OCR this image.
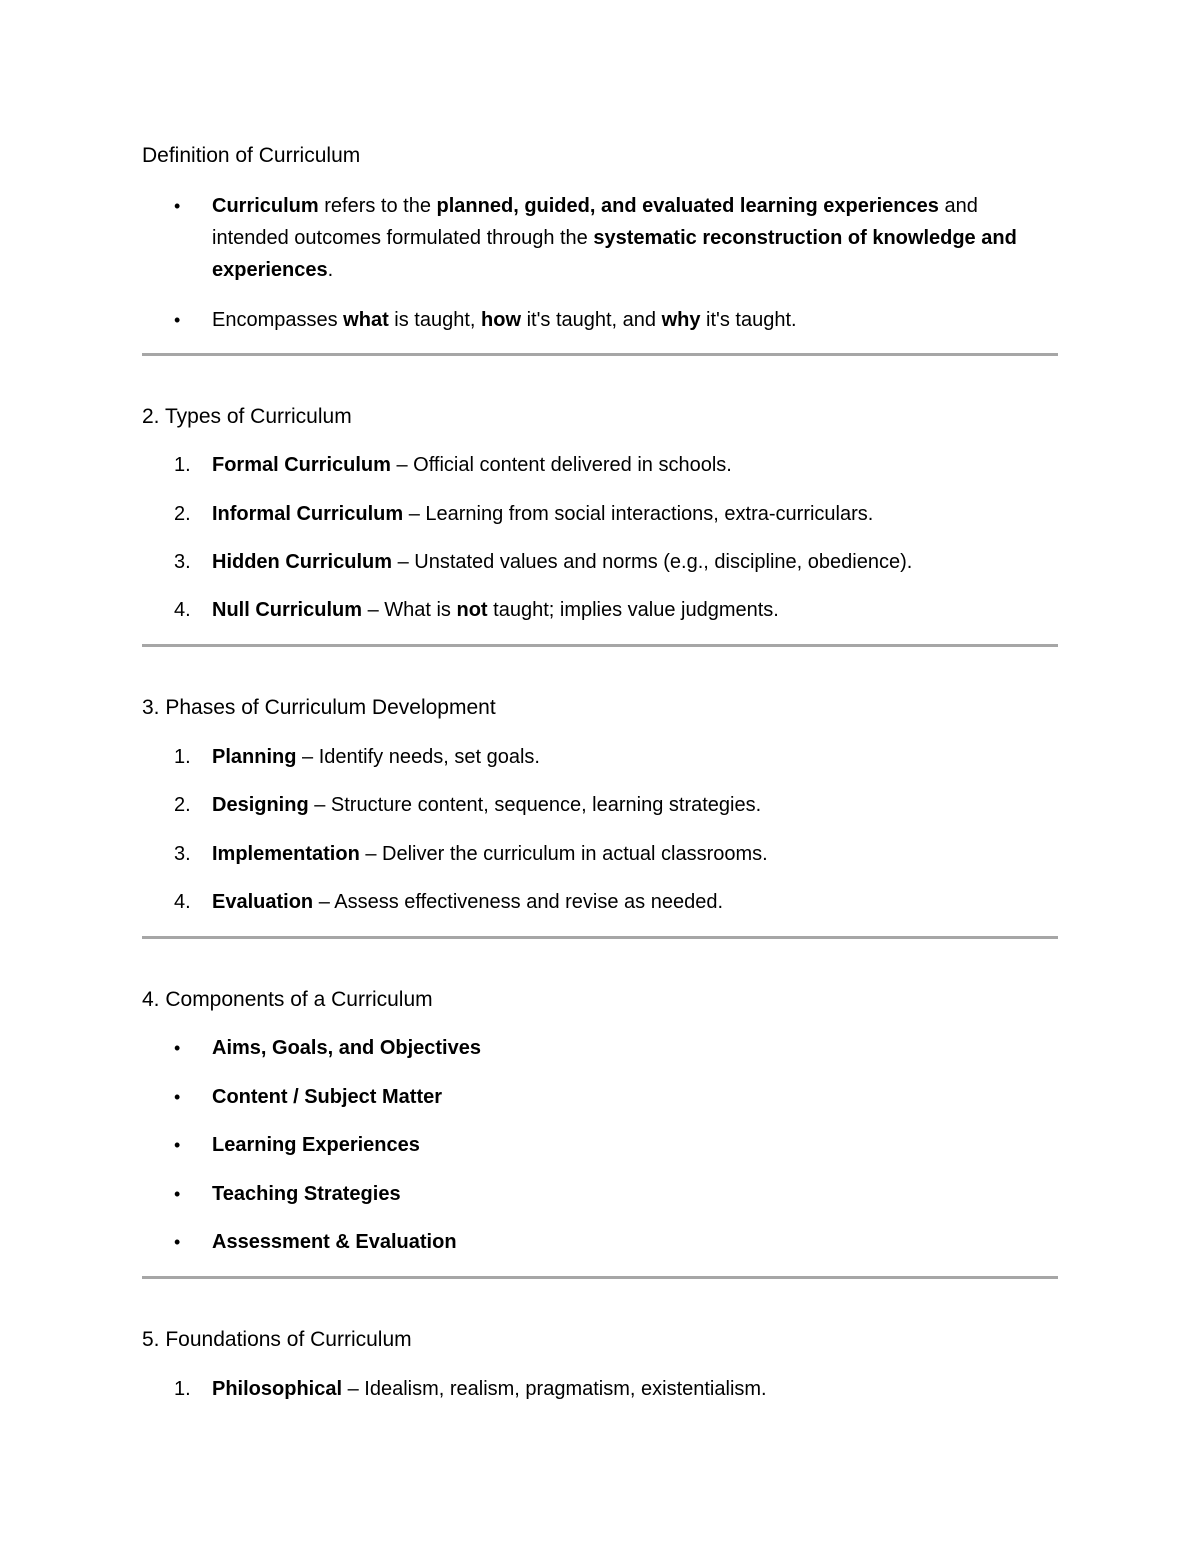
Definition of Curriculum
•	Curriculum refers to the planned, guided, and evaluated learning experiences and intended outcomes formulated through the systematic reconstruction of knowledge and experiences.
•	Encompasses what is taught, how it's taught, and why it's taught.
2. Types of Curriculum
1.	Formal Curriculum – Official content delivered in schools.
2.	Informal Curriculum – Learning from social interactions, extra-curriculars.
3.	Hidden Curriculum – Unstated values and norms (e.g., discipline, obedience).
4.	Null Curriculum – What is not taught; implies value judgments.
3. Phases of Curriculum Development
1.	Planning – Identify needs, set goals.
2.	Designing – Structure content, sequence, learning strategies.
3.	Implementation – Deliver the curriculum in actual classrooms.
4.	Evaluation – Assess effectiveness and revise as needed.
4. Components of a Curriculum
•	Aims, Goals, and Objectives
•	Content / Subject Matter
•	Learning Experiences
•	Teaching Strategies
•	Assessment & Evaluation
5. Foundations of Curriculum
1.	Philosophical – Idealism, realism, pragmatism, existentialism.
